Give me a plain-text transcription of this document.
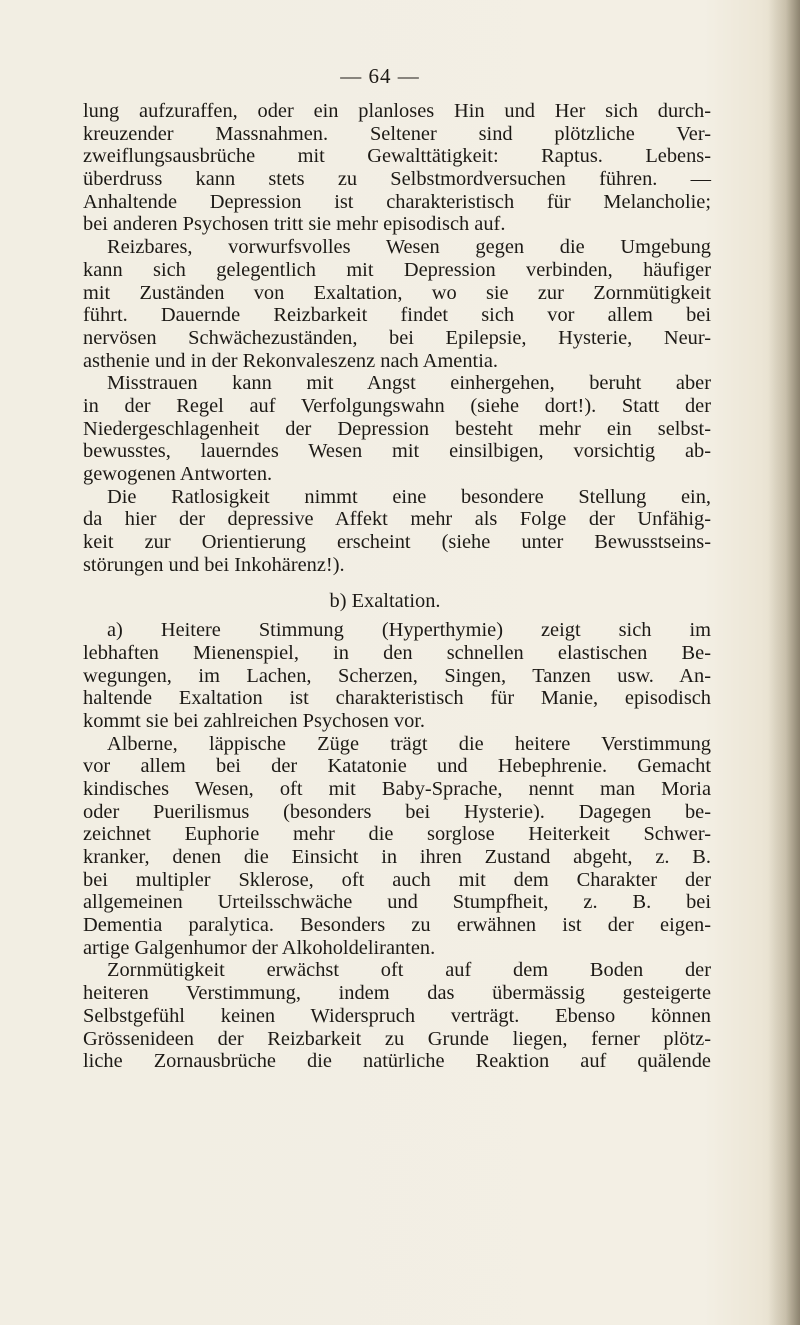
— 64 —
lung aufzuraffen, oder ein planloses Hin und Her sich durch-
kreuzender Massnahmen. Seltener sind plötzliche Ver-
zweiflungsausbrüche mit Gewalttätigkeit: Raptus. Lebens-
überdruss kann stets zu Selbstmordversuchen führen. —
Anhaltende Depression ist charakteristisch für Melancholie;
bei anderen Psychosen tritt sie mehr episodisch auf.
Reizbares, vorwurfsvolles Wesen gegen die Umgebung
kann sich gelegentlich mit Depression verbinden, häufiger
mit Zuständen von Exaltation, wo sie zur Zornmütigkeit
führt. Dauernde Reizbarkeit findet sich vor allem bei
nervösen Schwächezuständen, bei Epilepsie, Hysterie, Neur-
asthenie und in der Rekonvaleszenz nach Amentia.
Misstrauen kann mit Angst einhergehen, beruht aber
in der Regel auf Verfolgungswahn (siehe dort!). Statt der
Niedergeschlagenheit der Depression besteht mehr ein selbst-
bewusstes, lauerndes Wesen mit einsilbigen, vorsichtig ab-
gewogenen Antworten.
Die Ratlosigkeit nimmt eine besondere Stellung ein,
da hier der depressive Affekt mehr als Folge der Unfähig-
keit zur Orientierung erscheint (siehe unter Bewusstseins-
störungen und bei Inkohärenz!).
b) Exaltation.
a) Heitere Stimmung (Hyperthymie) zeigt sich im
lebhaften Mienenspiel, in den schnellen elastischen Be-
wegungen, im Lachen, Scherzen, Singen, Tanzen usw. An-
haltende Exaltation ist charakteristisch für Manie, episodisch
kommt sie bei zahlreichen Psychosen vor.
Alberne, läppische Züge trägt die heitere Verstimmung
vor allem bei der Katatonie und Hebephrenie. Gemacht
kindisches Wesen, oft mit Baby-Sprache, nennt man Moria
oder Puerilismus (besonders bei Hysterie). Dagegen be-
zeichnet Euphorie mehr die sorglose Heiterkeit Schwer-
kranker, denen die Einsicht in ihren Zustand abgeht, z. B.
bei multipler Sklerose, oft auch mit dem Charakter der
allgemeinen Urteilsschwäche und Stumpfheit, z. B. bei
Dementia paralytica. Besonders zu erwähnen ist der eigen-
artige Galgenhumor der Alkoholdeliranten.
Zornmütigkeit erwächst oft auf dem Boden der
heiteren Verstimmung, indem das übermässig gesteigerte
Selbstgefühl keinen Widerspruch verträgt. Ebenso können
Grössenideen der Reizbarkeit zu Grunde liegen, ferner plötz-
liche Zornausbrüche die natürliche Reaktion auf quälende
